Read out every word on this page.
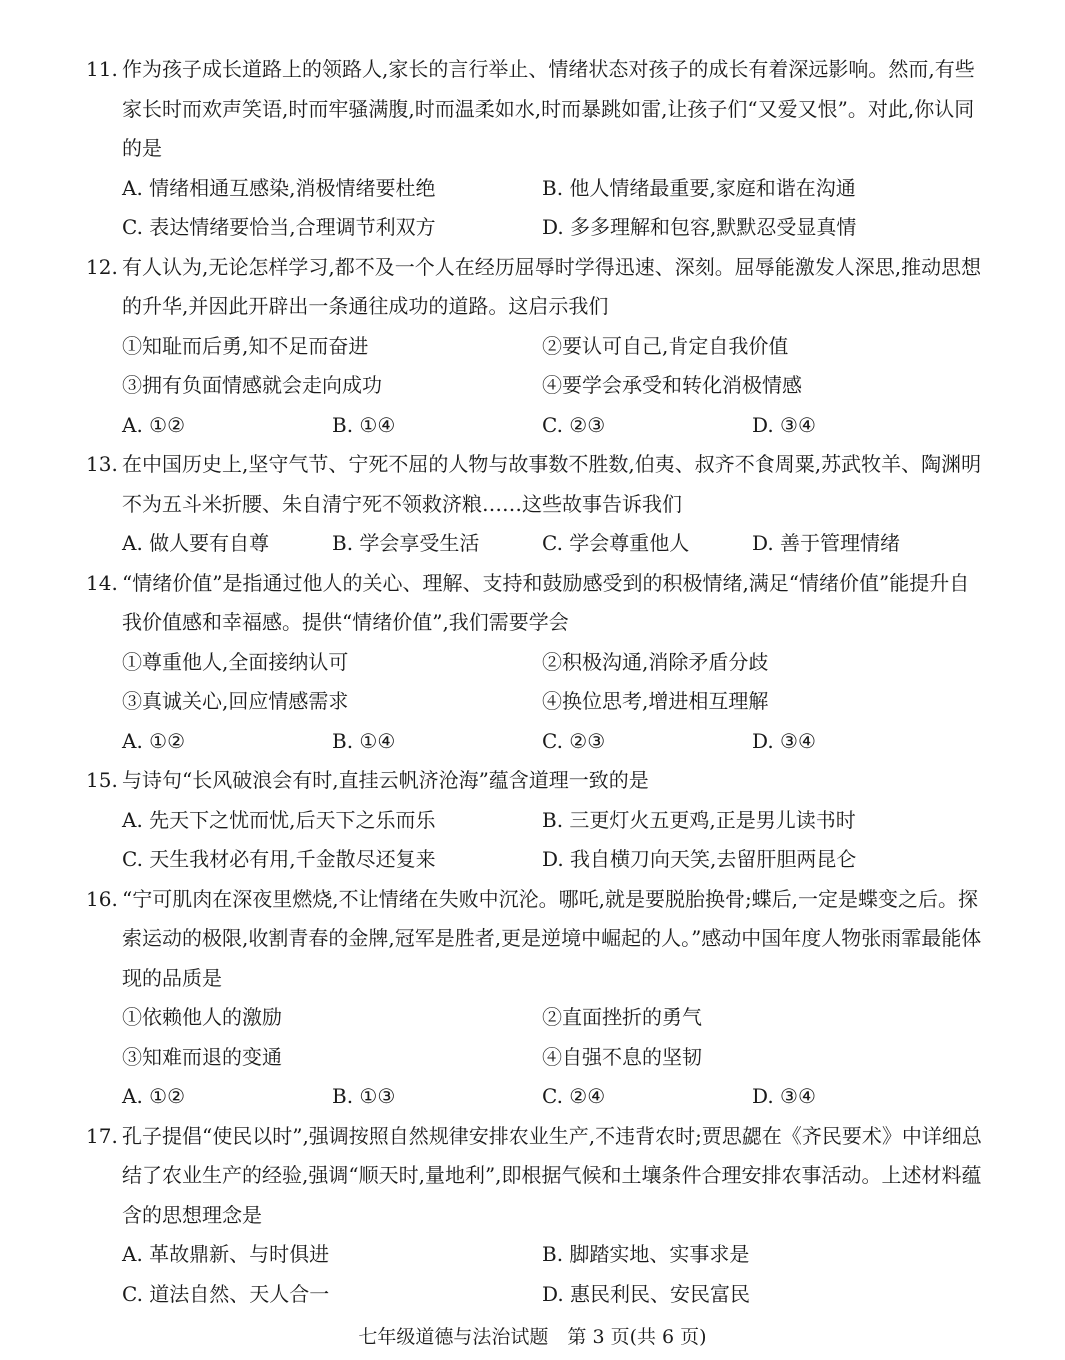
11. 作为孩子成长道路上的领路人,家长的言行举止、情绪状态对孩子的成长有着深远影响。然而,有些家长时而欢声笑语,时而牢骚满腹,时而温柔如水,时而暴跳如雷,让孩子们“又爱又恨”。对此,你认同的是
A. 情绪相通互感染,消极情绪要杜绝	B. 他人情绪最重要,家庭和谐在沟通
C. 表达情绪要恰当,合理调节利双方	D. 多多理解和包容,默默忍受显真情
12. 有人认为,无论怎样学习,都不及一个人在经历屈辱时学得迅速、深刻。屈辱能激发人深思,推动思想的升华,并因此开辟出一条通往成功的道路。这启示我们
①知耻而后勇,知不足而奋进	②要认可自己,肯定自我价值
③拥有负面情感就会走向成功	④要学会承受和转化消极情感
A. ①②	B. ①④	C. ②③	D. ③④
13. 在中国历史上,坚守气节、宁死不屈的人物与故事数不胜数,伯夷、叔齐不食周粟,苏武牧羊、陶渊明不为五斗米折腰、朱自清宁死不领救济粮……这些故事告诉我们
A. 做人要有自尊	B. 学会享受生活	C. 学会尊重他人	D. 善于管理情绪
14. “情绪价值”是指通过他人的关心、理解、支持和鼓励感受到的积极情绪,满足“情绪价值”能提升自我价值感和幸福感。提供“情绪价值”,我们需要学会
①尊重他人,全面接纳认可	②积极沟通,消除矛盾分歧
③真诚关心,回应情感需求	④换位思考,增进相互理解
A. ①②	B. ①④	C. ②③	D. ③④
15. 与诗句“长风破浪会有时,直挂云帆济沧海”蕴含道理一致的是
A. 先天下之忧而忧,后天下之乐而乐	B. 三更灯火五更鸡,正是男儿读书时
C. 天生我材必有用,千金散尽还复来	D. 我自横刀向天笑,去留肝胆两昆仑
16. “宁可肌肉在深夜里燃烧,不让情绪在失败中沉沦。哪吒,就是要脱胎换骨;蝶后,一定是蝶变之后。探索运动的极限,收割青春的金牌,冠军是胜者,更是逆境中崛起的人。”感动中国年度人物张雨霏最能体现的品质是
①依赖他人的激励	②直面挫折的勇气
③知难而退的变通	④自强不息的坚韧
A. ①②	B. ①③	C. ②④	D. ③④
17. 孔子提倡“使民以时”,强调按照自然规律安排农业生产,不违背农时;贾思勰在《齐民要术》中详细总结了农业生产的经验,强调“顺天时,量地利”,即根据气候和土壤条件合理安排农事活动。上述材料蕴含的思想理念是
A. 革故鼎新、与时俱进	B. 脚踏实地、实事求是
C. 道法自然、天人合一	D. 惠民利民、安民富民
七年级道德与法治试题　第 3 页(共 6 页)
